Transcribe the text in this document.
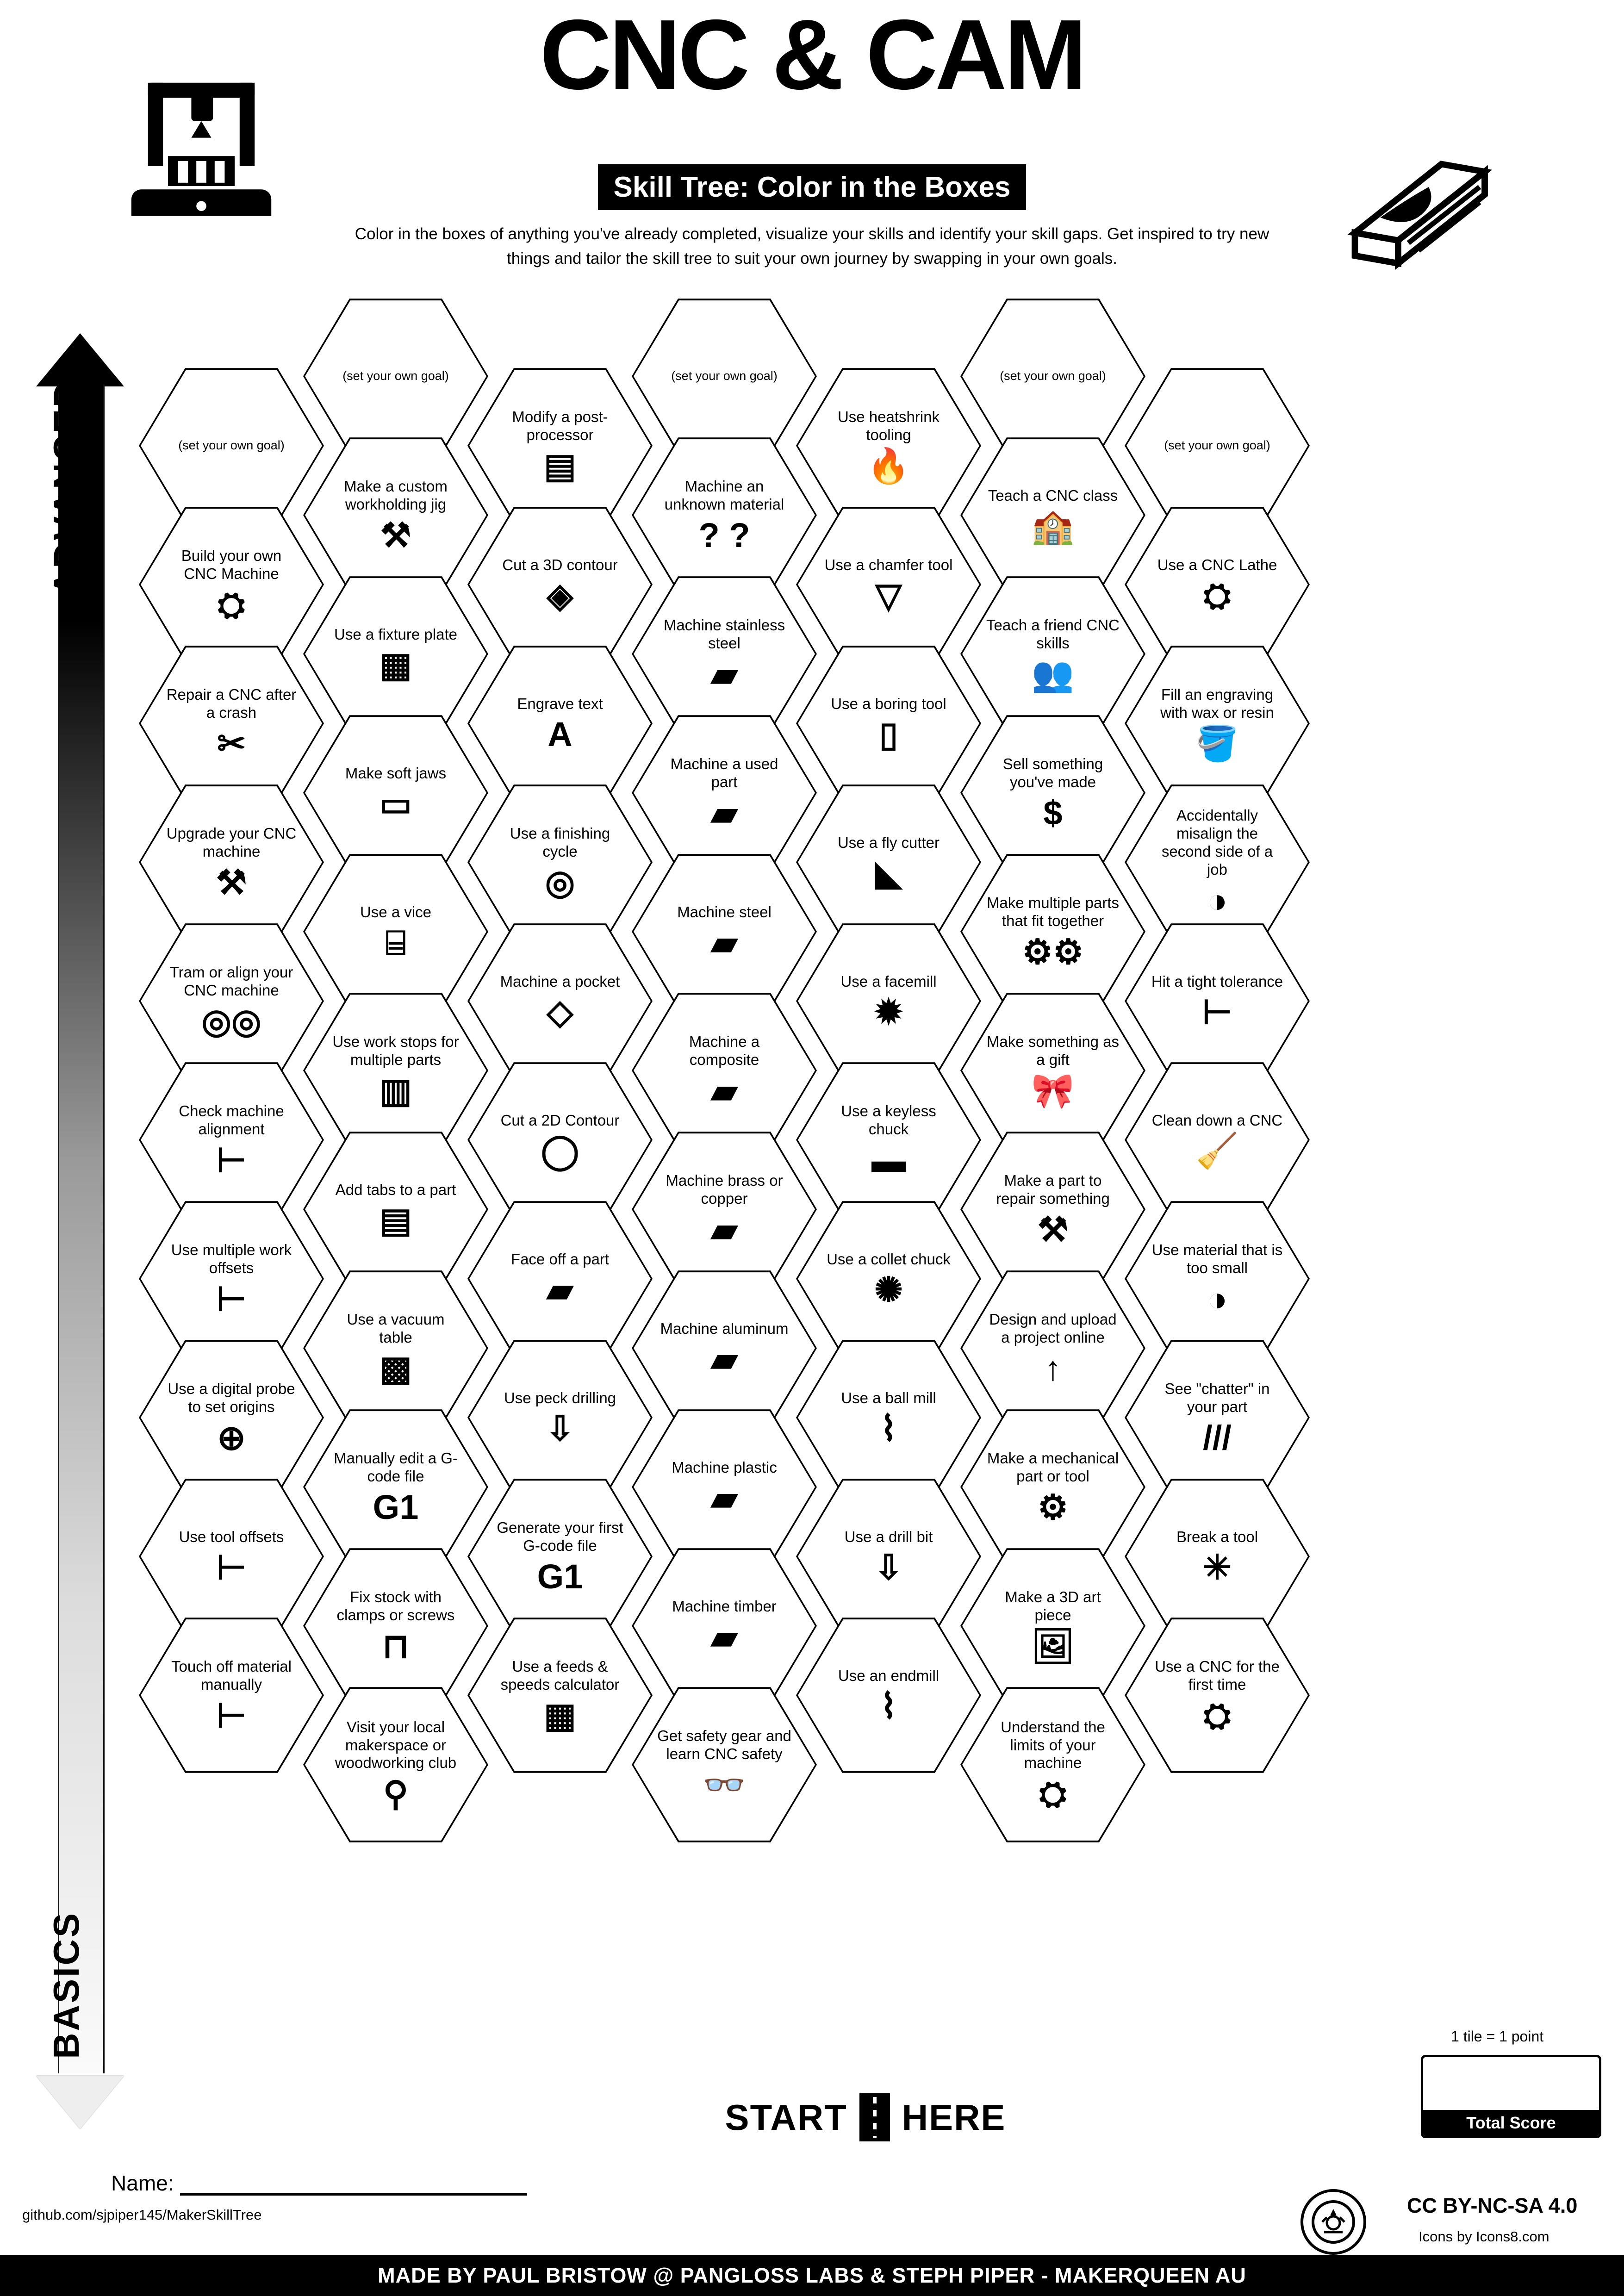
CNC & CAM
Skill Tree: Color in the Boxes
Color in the boxes of anything you've already completed, visualize your skills and identify your skill gaps. Get inspired to try new things and tailor the skill tree to suit your own journey by swapping in your own goals.
ADVANCED
BASICS
(set your own goal)
Build your own CNC Machine
⛭
Repair a CNC after a crash
✂
Upgrade your CNC machine
⚒
Tram or align your CNC machine
◎◎
Check machine alignment
⊢
Use multiple work offsets
⊢
Use a digital probe to set origins
⊕
Use tool offsets
⊢
Touch off material manually
⊢
(set your own goal)
Make a custom workholding jig
⚒
Use a fixture plate
▦
Make soft jaws
▭
Use a vice
⌸
Use work stops for multiple parts
▥
Add tabs to a part
▤
Use a vacuum table
▩
Manually edit a G-code file
G1
Fix stock with clamps or screws
⊓
Visit your local makerspace or woodworking club
⚲
Modify a post-processor
▤
Cut a 3D contour
◈
Engrave text
A
Use a finishing cycle
◎
Machine a pocket
◇
Cut a 2D Contour
◯
Face off a part
▰
Use peck drilling
⇩
Generate your first G-code file
G1
Use a feeds & speeds calculator
▦
(set your own goal)
Machine an unknown material
? ?
Machine stainless steel
▰
Machine a used part
▰
Machine steel
▰
Machine a composite
▰
Machine brass or copper
▰
Machine aluminum
▰
Machine plastic
▰
Machine timber
▰
Get safety gear and learn CNC safety
👓
Use heatshrink tooling
🔥
Use a chamfer tool
▽
Use a boring tool
▯
Use a fly cutter
◣
Use a facemill
✹
Use a keyless chuck
▬
Use a collet chuck
✺
Use a ball mill
⌇
Use a drill bit
⇩
Use an endmill
⌇
(set your own goal)
Teach a CNC class
🏫
Teach a friend CNC skills
👥
Sell something you've made
$
Make multiple parts that fit together
⚙⚙
Make something as a gift
🎀
Make a part to repair something
⚒
Design and upload a project online
↑
Make a mechanical part or tool
⚙
Make a 3D art piece
🖼
Understand the limits of your machine
⛭
(set your own goal)
Use a CNC Lathe
⛭
Fill an engraving with wax or resin
🪣
Accidentally misalign the second side of a job
◑
Hit a tight tolerance
⊢
Clean down a CNC
🧹
Use material that is too small
◑
See "chatter" in your part
///
Break a tool
✳
Use a CNC for the first time
⛭
START HERE
1 tile = 1 point
Total Score
Name:
github.com/sjpiper145/MakerSkillTree	CC BY-NC-SA 4.0
Icons by Icons8.com
MADE BY PAUL BRISTOW @ PANGLOSS LABS & STEPH PIPER - MAKERQUEEN AU
